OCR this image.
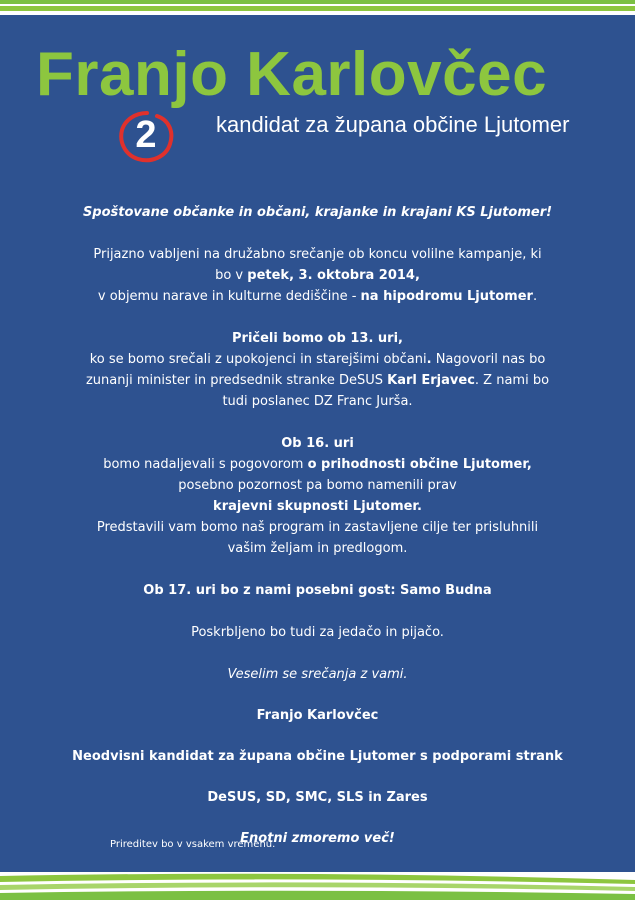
Franjo Karlovčec
2	kandidat za župana občine Ljutomer

Spoštovane občanke in občani, krajanke in krajani KS Ljutomer!

Prijazno vabljeni na družabno srečanje ob koncu volilne kampanje, ki

bo v petek, 3. oktobra 2014,

v objemu narave in kulturne dediščine - na hipodromu Ljutomer.

Pričeli bomo ob 13. uri,

ko se bomo srečali z upokojenci in starejšimi občani. Nagovoril nas bo

zunanji minister in predsednik stranke DeSUS Karl Erjavec. Z nami bo

tudi poslanec DZ Franc Jurša.

Ob 16. uri

bomo nadaljevali s pogovorom o prihodnosti občine Ljutomer,

posebno pozornost pa bomo namenili prav

krajevni skupnosti Ljutomer.

Predstavili vam bomo naš program in zastavljene cilje ter prisluhnili

vašim željam in predlogom.

Ob 17. uri bo z nami posebni gost: Samo Budna

Poskrbljeno bo tudi za jedačo in pijačo.

Veselim se srečanja z vami.

Franjo Karlovčec

Neodvisni kandidat za župana občine Ljutomer s podporami strank

DeSUS, SD, SMC, SLS in Zares

Enotni zmoremo več!

Prireditev bo v vsakem vremenu.
